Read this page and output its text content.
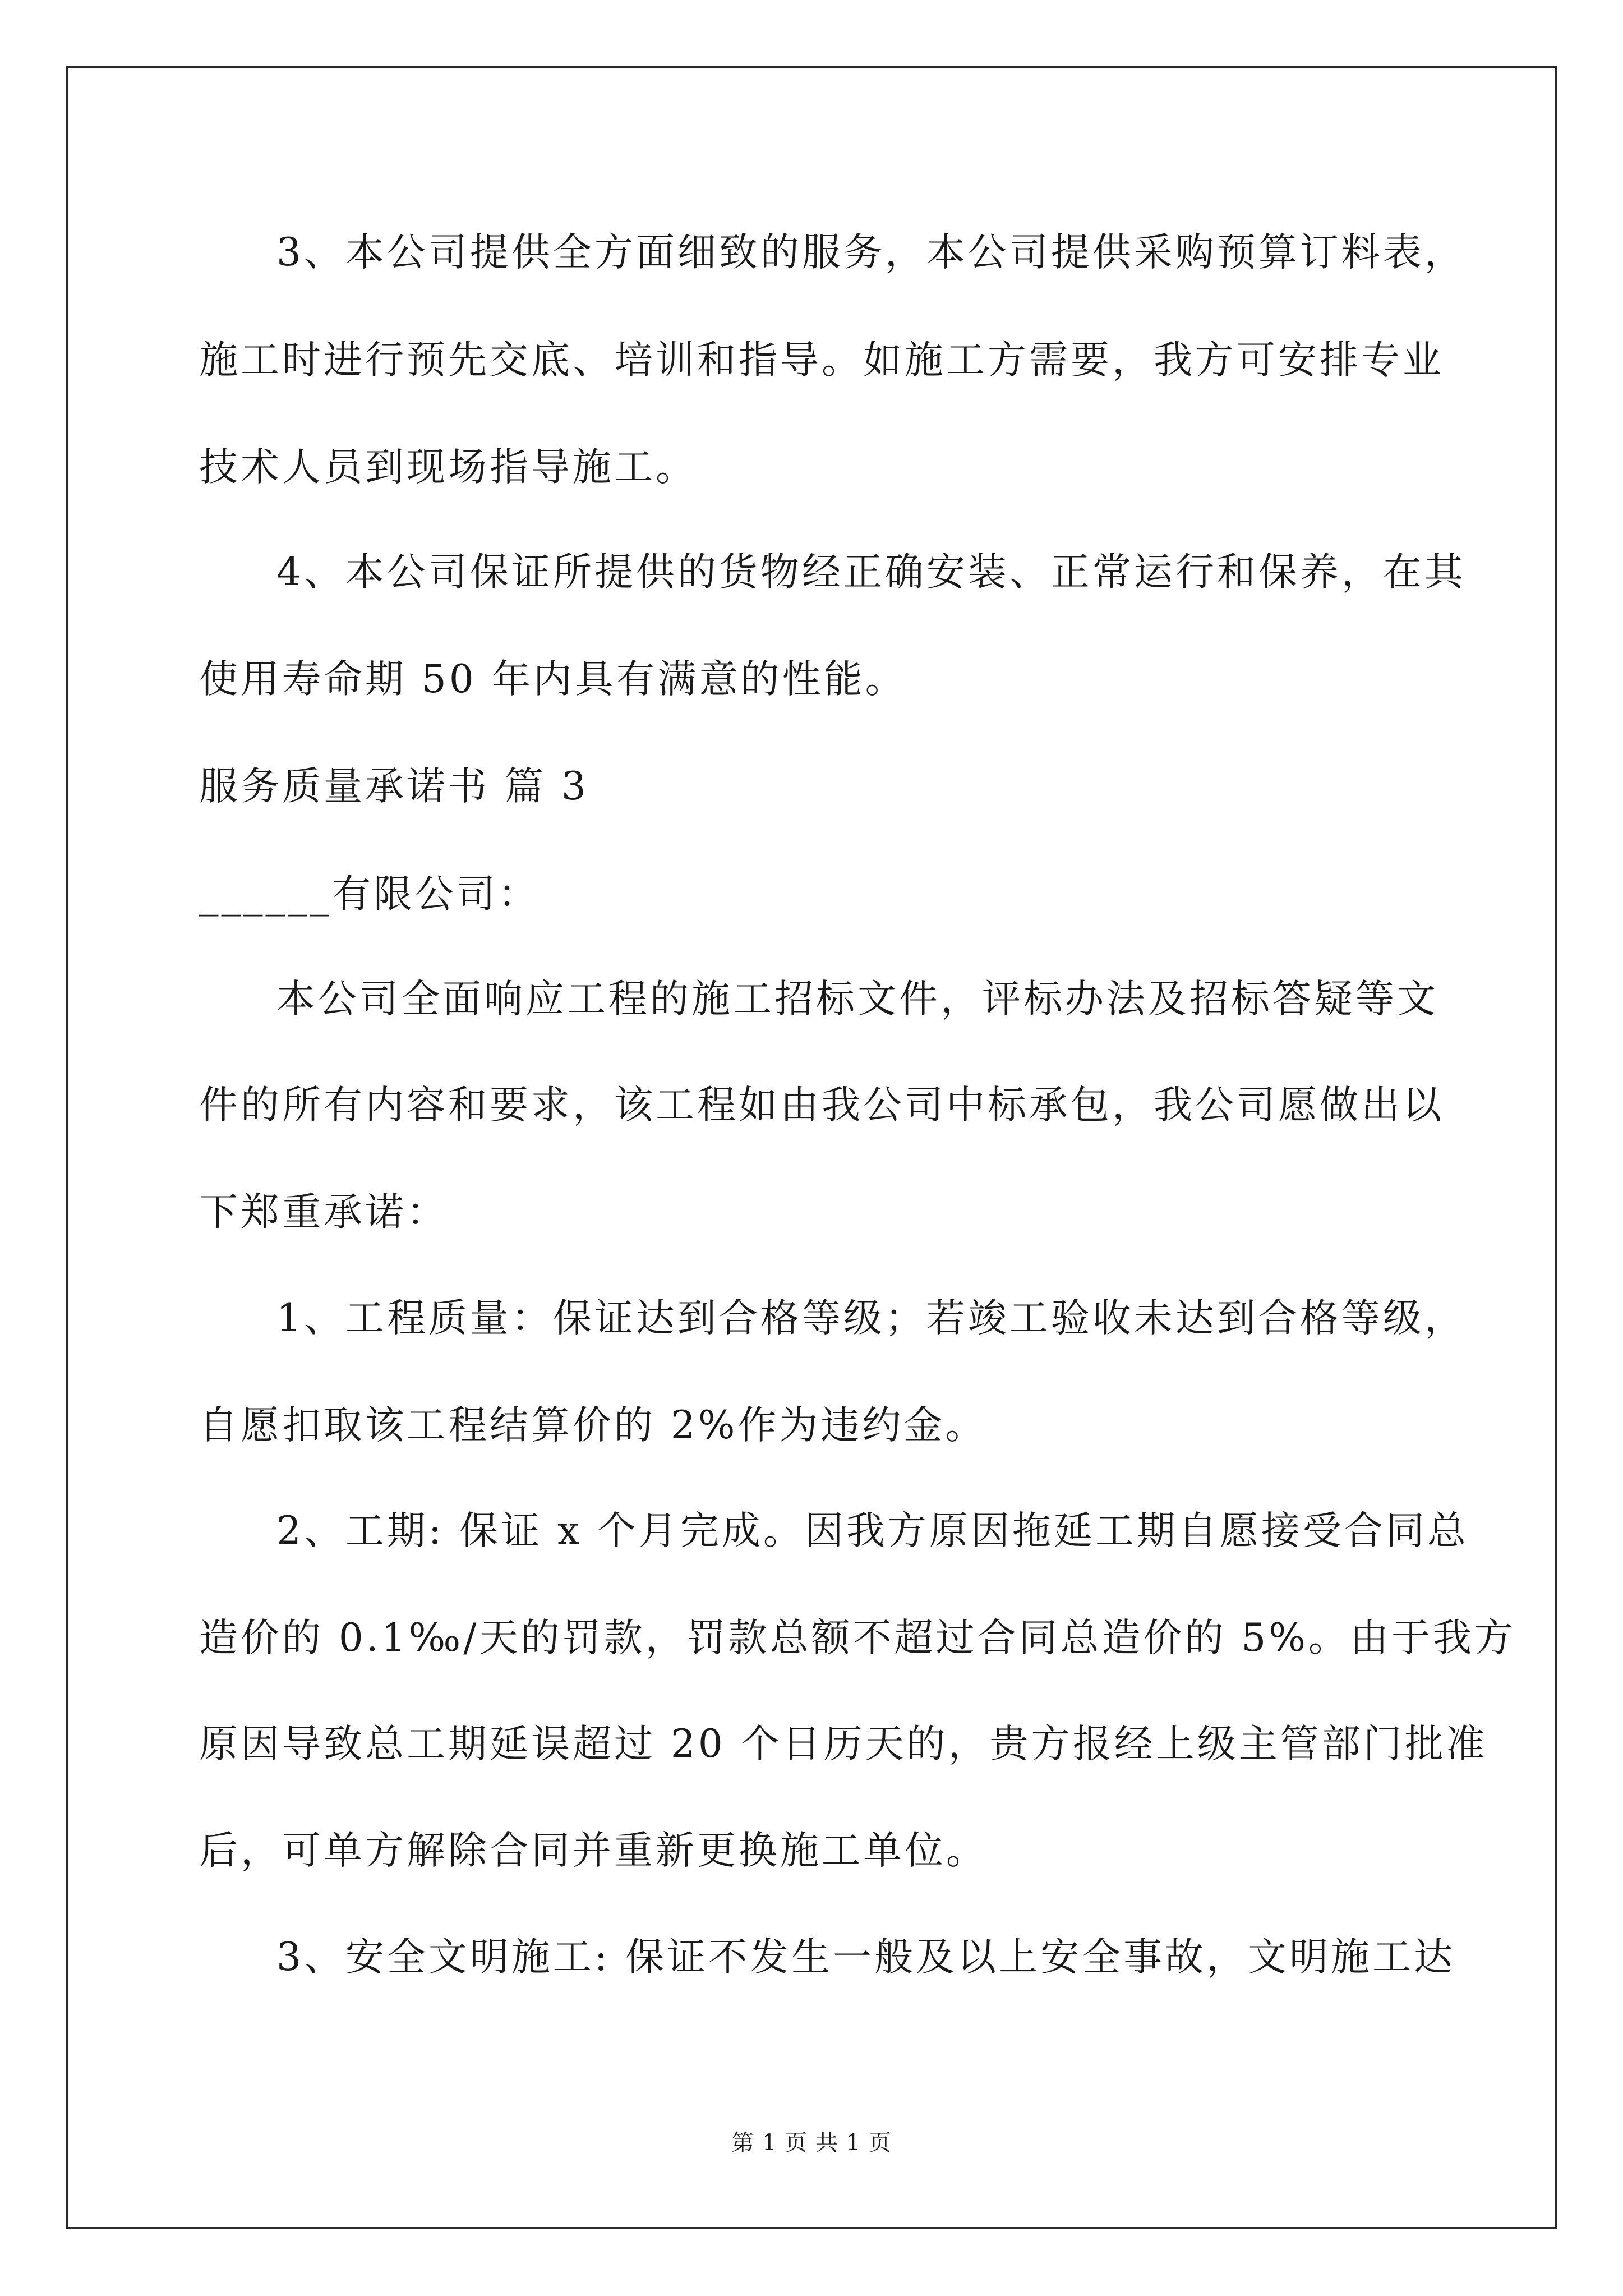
3、本公司提供全方面细致的服务，本公司提供采购预算订料表，
施工时进行预先交底、培训和指导。如施工方需要，我方可安排专业
技术人员到现场指导施工。
4、本公司保证所提供的货物经正确安装、正常运行和保养，在其
使用寿命期 50 年内具有满意的性能。
服务质量承诺书 篇 3
______有限公司：
本公司全面响应工程的施工招标文件，评标办法及招标答疑等文
件的所有内容和要求，该工程如由我公司中标承包，我公司愿做出以
下郑重承诺：
1、工程质量：保证达到合格等级；若竣工验收未达到合格等级，
自愿扣取该工程结算价的 2%作为违约金。
2、工期: 保证 x 个月完成。因我方原因拖延工期自愿接受合同总
造价的 0.1‰/天的罚款，罚款总额不超过合同总造价的 5%。由于我方
原因导致总工期延误超过 20 个日历天的，贵方报经上级主管部门批准
后，可单方解除合同并重新更换施工单位。
3、安全文明施工: 保证不发生一般及以上安全事故，文明施工达
第 1 页 共 1 页
